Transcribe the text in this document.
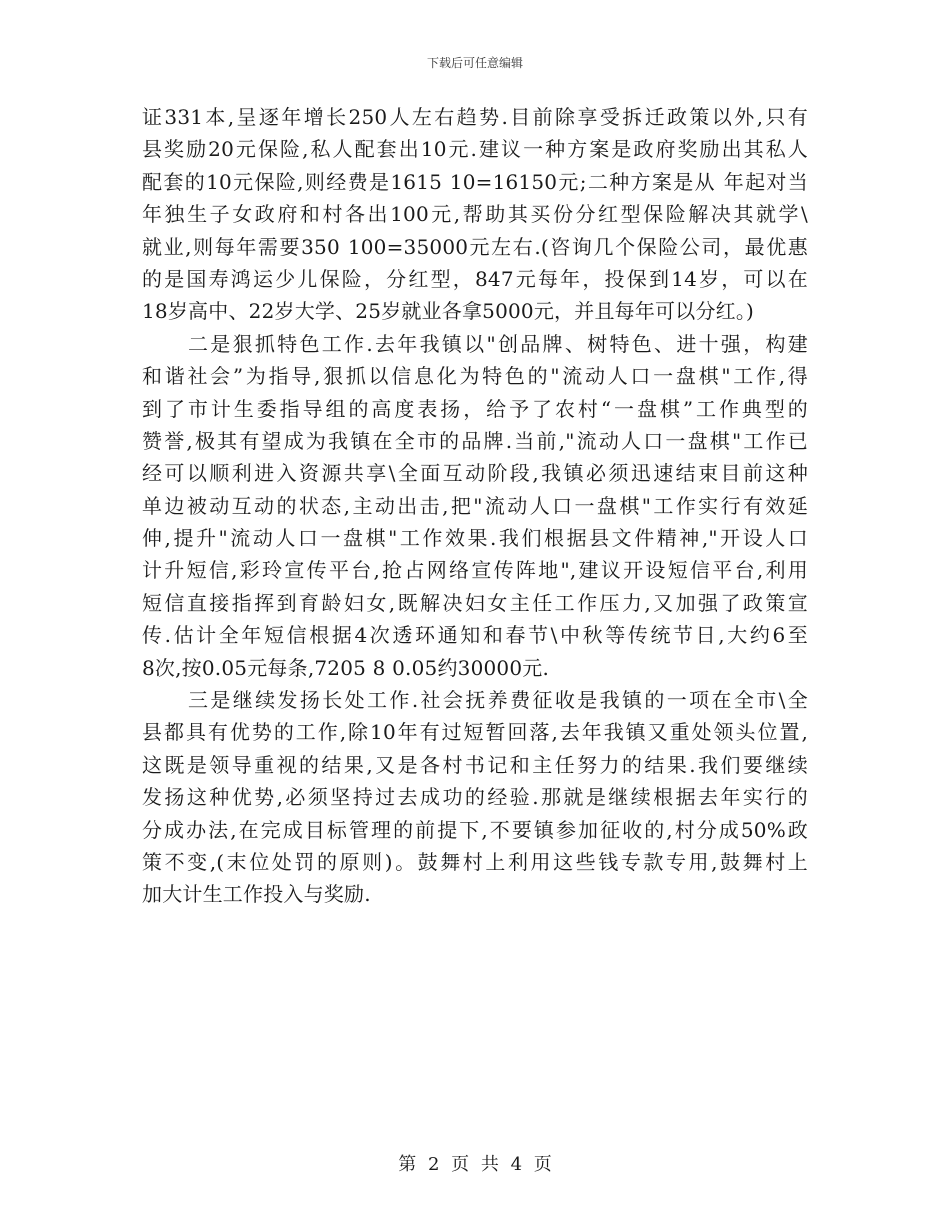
下载后可任意编辑
证331本,呈逐年增长250人左右趋势.目前除享受拆迁政策以外,只有
县奖励20元保险,私人配套出10元.建议一种方案是政府奖励出其私人
配套的10元保险,则经费是1615 10=16150元;二种方案是从 年起对当
年独生子女政府和村各出100元,帮助其买份分红型保险解决其就学\
就业,则每年需要350 100=35000元左右.(咨询几个保险公司，最优惠
的是国寿鸿运少儿保险，分红型，847元每年，投保到14岁，可以在
18岁高中、22岁大学、25岁就业各拿5000元，并且每年可以分红。)
二是狠抓特色工作.去年我镇以"创品牌、树特色、进十强，构建
和谐社会”为指导,狠抓以信息化为特色的"流动人口一盘棋"工作,得
到了市计生委指导组的高度表扬，给予了农村“一盘棋”工作典型的
赞誉,极其有望成为我镇在全市的品牌.当前,"流动人口一盘棋"工作已
经可以顺利进入资源共享\全面互动阶段,我镇必须迅速结束目前这种
单边被动互动的状态,主动出击,把"流动人口一盘棋"工作实行有效延
伸,提升"流动人口一盘棋"工作效果.我们根据县文件精神,"开设人口
计升短信,彩玲宣传平台,抢占网络宣传阵地",建议开设短信平台,利用
短信直接指挥到育龄妇女,既解决妇女主任工作压力,又加强了政策宣
传.估计全年短信根据4次透环通知和春节\中秋等传统节日,大约6至
8次,按0.05元每条,7205 8 0.05约30000元.
三是继续发扬长处工作.社会抚养费征收是我镇的一项在全市\全
县都具有优势的工作,除10年有过短暂回落,去年我镇又重处领头位置,
这既是领导重视的结果,又是各村书记和主任努力的结果.我们要继续
发扬这种优势,必须坚持过去成功的经验.那就是继续根据去年实行的
分成办法,在完成目标管理的前提下,不要镇参加征收的,村分成50%政
策不变,(末位处罚的原则)。鼓舞村上利用这些钱专款专用,鼓舞村上
加大计生工作投入与奖励.
第 2 页 共 4 页
